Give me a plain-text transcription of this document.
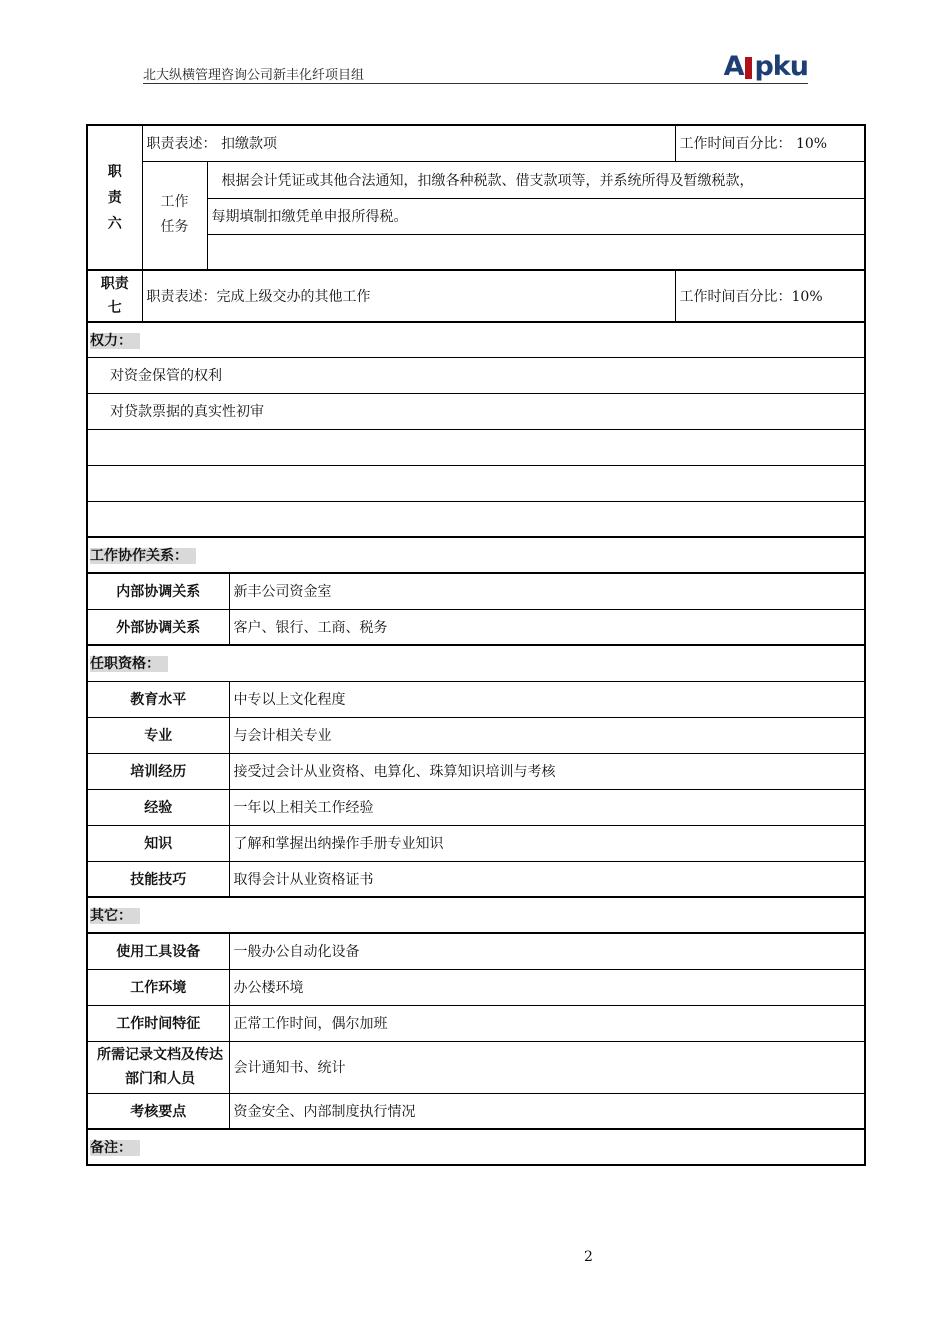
北大纵横管理咨询公司新丰化纤项目组	A pku
职责六	职责表述： 扣缴款项			工作时间百分比： 10%

	工作任务	根据会计凭证或其他合法通知，扣缴各种税款、借支款项等，并系统所得及暂缴税款，		
		每期填制扣缴凭单申报所得税。		

职责七	职责表述：完成上级交办的其他工作			工作时间百分比：10%
权力：				
对资金保管的权利				
对贷款票据的真实性初审				

工作协作关系：				
内部协调关系			新丰公司资金室	
外部协调关系			客户、银行、工商、税务	
任职资格：				
教育水平			中专以上文化程度	
专业			与会计相关专业	
培训经历			接受过会计从业资格、电算化、珠算知识培训与考核	
经验			一年以上相关工作经验	
知识			了解和掌握出纳操作手册专业知识	
技能技巧			取得会计从业资格证书	
其它：				
使用工具设备			一般办公自动化设备	
工作环境			办公楼环境	
工作时间特征			正常工作时间，偶尔加班	

所需记录文档及传达部门和人员			会计通知书、统计	
考核要点			资金安全、内部制度执行情况	
备注：				
2
